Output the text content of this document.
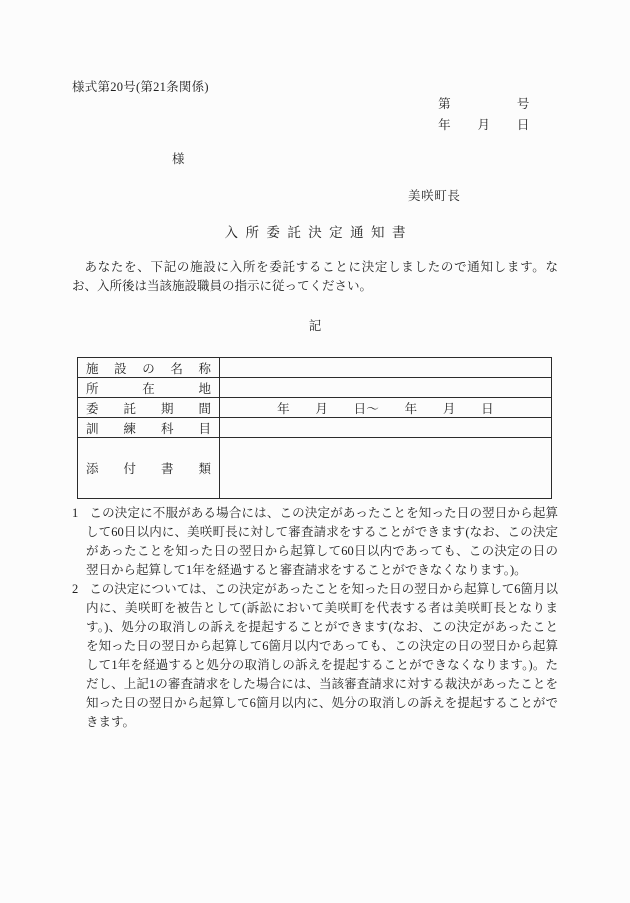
様式第20号(第21条関係)
第　　　　　号
年　　月　　日
様
美咲町長
入所委託決定通知書

あなたを、下記の施設に入所を委託することに決定しましたので通知します。なお、入所後は当該施設職員の指示に従ってください。

記
施 設 の 名 称	

所 在 地	

委 託 期 間	年　　月　　日～　　年　　月　　日

訓 練 科 目	

添 付 書 類	

1 この決定に不服がある場合には、この決定があったことを知った日の翌日から起算して60日以内に、美咲町長に対して審査請求をすることができます(なお、この決定があったことを知った日の翌日から起算して60日以内であっても、この決定の日の翌日から起算して1年を経過すると審査請求をすることができなくなります。)。

2 この決定については、この決定があったことを知った日の翌日から起算して6箇月以内に、美咲町を被告として(訴訟において美咲町を代表する者は美咲町長となります。)、処分の取消しの訴えを提起することができます(なお、この決定があったことを知った日の翌日から起算して6箇月以内であっても、この決定の日の翌日から起算して1年を経過すると処分の取消しの訴えを提起することができなくなります。)。ただし、上記1の審査請求をした場合には、当該審査請求に対する裁決があったことを知った日の翌日から起算して6箇月以内に、処分の取消しの訴えを提起することができます。
